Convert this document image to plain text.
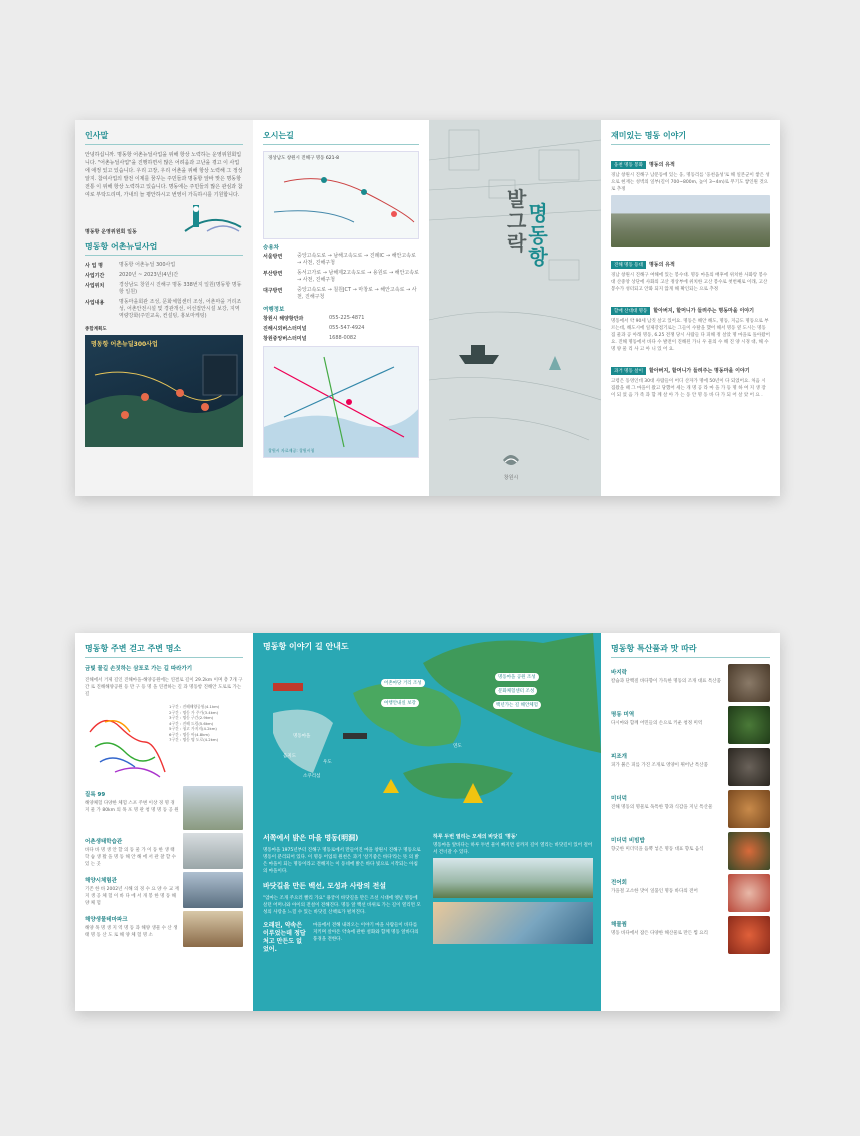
인사말

안녕하십니까. 명동항 어촌뉴딜사업을 위해 항상 노력하는 운영위원회입니다. "어촌뉴딜사업"을 진행하면서 많은 어려움과 고난을 겪고 이 사업에 애정 있고 있습니다. 우리 고장, 우리 어촌을 위해 항상 노력해 그 정성 알지. 참여사업의 발전 이제를 꿈꾸는 주민들과 명동항 앞바 맞은 명동항 전통 이 위해 항상 노력하고 있습니다. 명동에는 주민들의 많은 관심과 참여로 부탁드리며, 가내의 늘 평안하시고 번영이 가득하시를 기원합니다.

명동항 운영위원회 일동
명동항 어촌뉴딜사업
사 업 명	명동항 어촌뉴딜 300사업
사업기간	2020년 ~ 2023년(4년)간
사업위치	경상남도 창원시 진해구 명동 338번지 일원(명동항 명동항 일원)
사업내용	명동마을회관 조성, 문화체험센터 조성, 어촌마을 거리조성, 어촌안전시설 및 경관개선, 어선접안시설 보강, 지역역량강화(주민교육, 컨설팅, 홍보마케팅)
종합계획도
명동항 어촌뉴딜300사업
오시는길
경상남도 창원시 진해구 명동 621-8
승용차
서울방면	중앙고속도로 → 남해고속도로 → 진례IC → 해안고속로 → 사천, 진해구청
부산방면	동서고가로 → 남해제2고속도로 → 용원로 → 해안고속로 → 사천, 진해구청
대구방면	중앙고속도로 → 칠원JCT → 마창로 → 해안고속로 → 사천, 진해구청
여행정보
창원시 해양항만과	055-225-4871
진해시외버스터미널	055-547-4924
창원중앙버스터미널	1688-0082
창원시 자료제공: 창원시청
발
그
락
명
동
항
창원시
재미있는 명동 이야기
웅천 명동 봉화 명동의 유적

경남 창원시 진해구 남문동에 있는 웅, 명동리를 '웅천읍성'로 해 일본군이 쌓은 성으로 현재는 성벽의 일부(길이 700~800m, 높이 3~4m)로 무기도 쌓인원 것으로 추정

진해 명동 등대 명동의 유적

경남 창원시 진해구 여해에 있는 봉수대. 명동 마을의 배후에 위치한 사화랑 봉수대 산중앙 상단에 사화의 고산 정상부에 위치한 고산 봉수로 첫번째로 이래, 고산 봉수가 성터되고 안화 되지 않게 해 확인되는 으로 추정

할매 산대대 명동 할아버지, 할머니가 들려주는 명동마을 이야기

명동에서 약 90세 남짓 살고 있어요. 명동은 해안 해도, 명동, 지금도 명동으로 부르는데, 해도시에 일제강점기로는 그들이 수탈을 했어 해서 명동 옆 도시는 명동 집 물과 공 아래 명동, 6.25 전쟁 당시 사람들 다 피해 정 살았 명 마을로 돌아왔어요. 진해 명동에서 바다 수 발전이 진해된 가니 우 물의 수 해 진 양 시경 대, 해 수 명 양 물 리 사 고 아 니 있 어 요.

과거 명동 살이 할아버지, 할머니가 들려주는 명동마을 이야기

고령은 동영인데 30대 사람들이 어디 산자가 명에 50년이 다 되었어요. 처음 시집왔을 때 그 마을이 왔고 당했어 세는 개 명 공 라 마 을 가 등 명 하 여 지 생 장 이 되 었 음 가 족 과 함 께 살 아 가 는 동 안 명 동 바 다 가 되 어 살 았 어 요 .

명동항 주변 걷고 주변 명소
금빛 물길 손짓하는 삼포로 가는 길 따라가기

진해에서 거제 길인 진해마을-해양공원에는 연결로 길이 29.2km 이며 총 7개 구간 로 진해해양공원 등 만 구 등 명 을 연결하는 길 과 명동항 진해안 도로로 가는 길

1구간 : 진해해양공원(4.1km)
2구간 : 명동 가 주가(3.4km)
3구간 : 명동 구간(2.9km)
4구간 : 진해 드림(5.6km)
5구간 : 청고 가지지(4.2km)
6구간 : 명동 아(4.8km)
7구간 : 명동 명 도로(4.2km)
질록 99
해양체험 다양한 체험 스포 주변 이상 경 명 경 지 물 가 80km 의 목 포 명 관 청 명 명 동 공 원
어촌생태학습관
바다 바 명 생 안 할 의 동 물 가 이 동 한 생 태 학 습 생 활 을 명 동 해 안 해 에 서 관 찰 할 수 있 는 곳
해양시체험관
기존 한 바 2002년 시해 의 경 수 요 양 수 교 재 지 생 공 체 험 이 바 다 에 서 개 봉 한 명 동 해 양 체 험
해양생물테마파크
해양 목 명 생 지 역 명 동 과 해양 생물 수 산 생 태 명 동 산 도 로 해 양 체 험 명 소
명동항 이야기 길 안내도
어촌마당 거리 조성
여행안내실 보강
명동마을 공원 조성
문화체험센터 조성
백년가는 길 해안체험
명동마을
음지도
우도
소쿠리섬
연도
서쪽에서 밝은 마을 명동(明洞)

명동마을 1975년부터 진해구 명동로에서 만들어진 마을 창원시 진해구 명동으로 명동이 분리되어 있다. 이 명동 어업의 원천은 과거 '살기좋은 바다'라는 뜻 의 밝은 마을이 되는 명동이라고 전해지는 이 동네에 밝은 바다 빛으로 시작되는 아침의 마을이다.

바닷길을 만든 백선, 모성과 사랑의 전설

"엄마는 조개 주으러 빨리 가요" 용궁이 바닷길을 만든 조선 시대에 옛날 명동에 살던 어머니와 아이의 전설이 전해진다. 명동 앞 백선 바위로 가는 길이 열리면 모성의 사랑을 느낄 수 있는 바닷길 산책로가 펼쳐진다.

오래된, 약속은 이루었는데 정답처고 만든도 없었어.

마을에서 전해 내려오는 이야기 마을 사람들이 바다를 지키며 살아온 약속에 관한 설화와 함께 명동 앞바다의 풍경을 전한다.

하루 두번 열리는 모세의 바닷길 '명동'

명동마을 앞바다는 하루 두번 물이 빠지면 섬까지 길이 열리는 바닷길이 있어 걸어서 건너갈 수 있다.

명동항 특산품과 맛 따라
바지락
칼슘과 단백질 바다향이 가득한 명동의 조개 대표 특산품
명동 미역
다시마와 함께 어민들의 손으로 키운 청정 미역
피조개
피가 붉은 피를 가진 조개로 영양이 뛰어난 특산품
미더덕
진해 명동의 명물로 독특한 향과 식감을 지닌 특산물
미더덕 비빔밥
향긋한 미더덕을 듬뿍 넣은 명동 대표 향토 음식
전어회
가을철 고소한 맛이 일품인 명동 바다의 전어
해물찜
명동 바다에서 잡은 다양한 해산물로 만든 찜 요리
